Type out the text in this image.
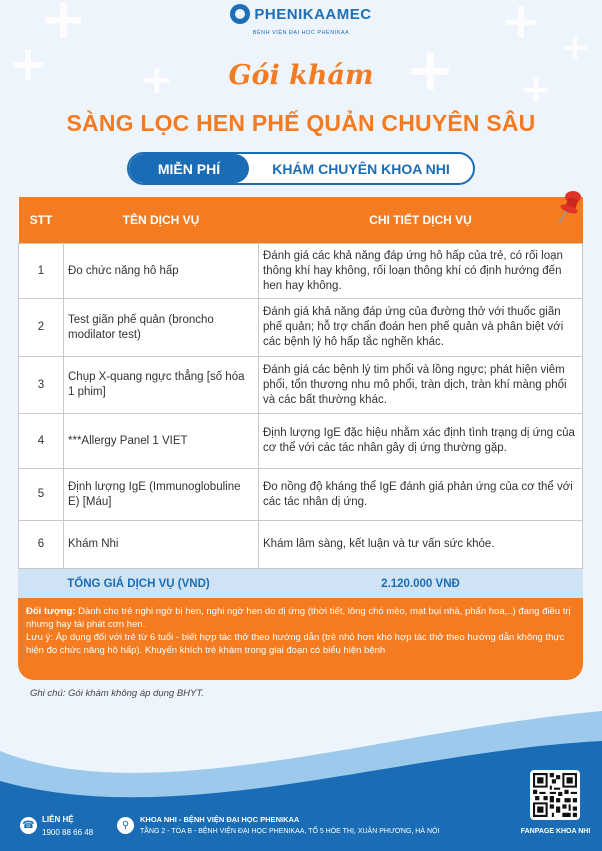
+
+
+	+
+
+
+
PHENIKAAMEC
BỆNH VIỆN ĐẠI HỌC PHENIKAA
Gói khám
SÀNG LỌC HEN PHẾ QUẢN CHUYÊN SÂU
MIỄN PHÍ	KHÁM CHUYÊN KHOA NHI
STT	TÊN DỊCH VỤ	CHI TIẾT DỊCH VỤ
1	Đo chức năng hô hấp	Đánh giá các khả năng đáp ứng hô hấp của trẻ, có rối loạn thông khí hay không, rối loạn thông khí có định hướng đến hen hay không.
2	Test giãn phế quản (broncho modilator test)	Đánh giá khả năng đáp ứng của đường thở với thuốc giãn phế quản; hỗ trợ chẩn đoán hen phế quản và phân biệt với các bệnh lý hô hấp tắc nghẽn khác.
3	Chụp X-quang ngực thẳng [số hóa 1 phim]	Đánh giá các bệnh lý tim phổi và lồng ngực; phát hiện viêm phổi, tổn thương nhu mô phổi, tràn dịch, tràn khí màng phổi và các bất thường khác.
4	***Allergy Panel 1 VIET	Định lượng IgE đặc hiệu nhằm xác định tình trạng dị ứng của cơ thể với các tác nhân gây dị ứng thường gặp.
5	Định lượng IgE (Immunoglobuline E) [Máu]	Đo nồng độ kháng thể IgE đánh giá phản ứng của cơ thể với các tác nhân dị ứng.
6	Khám Nhi	Khám lâm sàng, kết luận và tư vấn sức khỏe.
TỔNG GIÁ DỊCH VỤ (VND)		2.120.000 VNĐ
Đối tượng: Dành cho trẻ nghi ngờ bị hen, nghi ngờ hen do dị ứng (thời tiết, lông chó mèo, mạt bụi nhà, phấn hoa,..) đang điều trị nhưng hay tái phát cơn hen.
Lưu ý: Áp dụng đối với trẻ từ 6 tuổi - biết hợp tác thở theo hướng dẫn (trẻ nhỏ hơn khó hợp tác thở theo hướng dẫn không thực hiện đo chức năng hô hấp). Khuyến khích trẻ khám trong giai đoạn có biểu hiện bệnh
Ghi chú: Gói khám không áp dụng BHYT.
☎
LIÊN HỆ
1900 88 66 48
⚲
KHOA NHI - BỆNH VIỆN ĐẠI HỌC PHENIKAA
TẦNG 2 - TÒA B - BỆNH VIỆN ĐẠI HỌC PHENIKAA, TỔ 5 HÒE THỊ, XUÂN PHƯƠNG, HÀ NỘI	FANPAGE KHOA NHI
